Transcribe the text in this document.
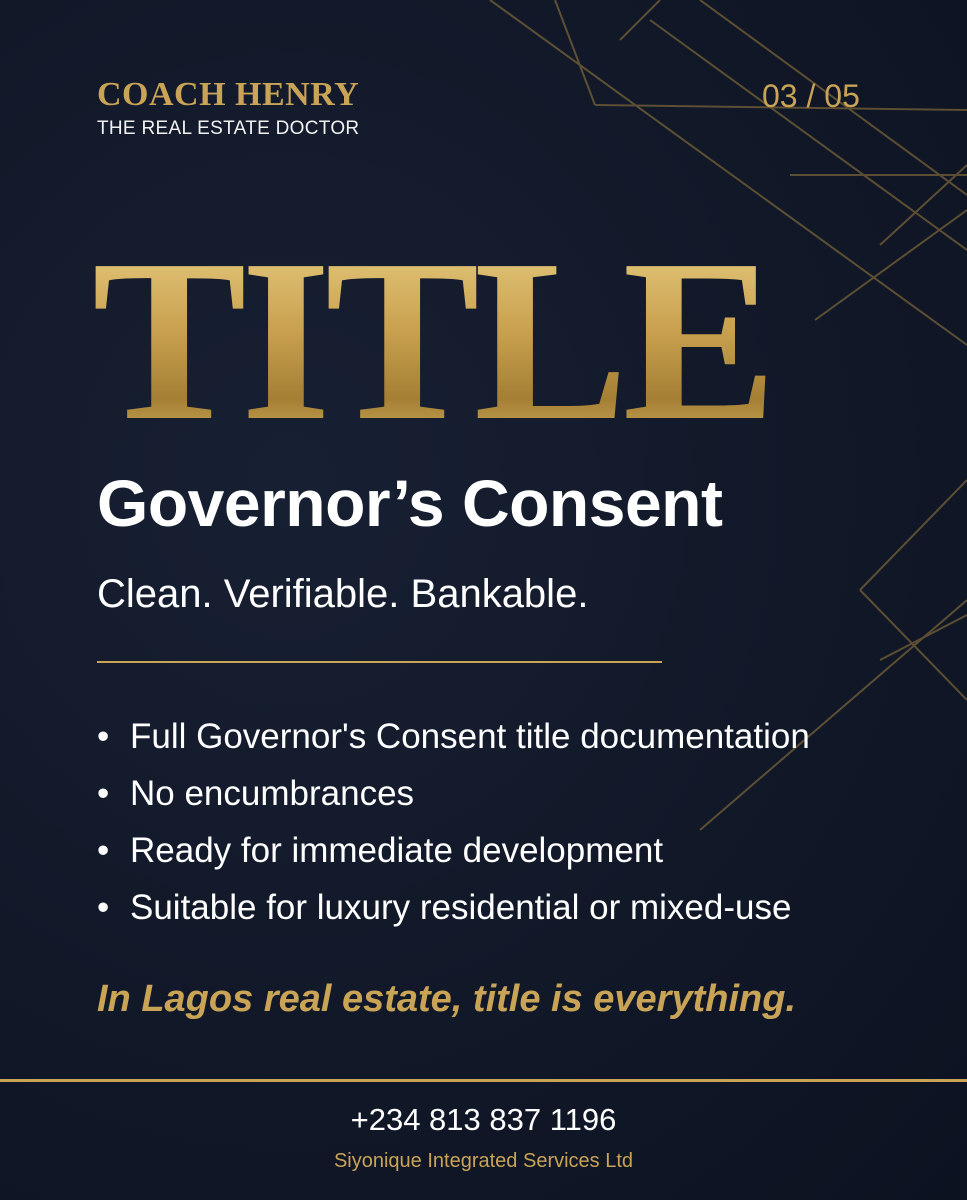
COACH HENRY
THE REAL ESTATE DOCTOR
03 / 05
TITLE
Governor’s Consent
Clean. Verifiable. Bankable.
• Full Governor's Consent title documentation
• No encumbrances
• Ready for immediate development
• Suitable for luxury residential or mixed-use
In Lagos real estate, title is everything.
+234 813 837 1196
Siyonique Integrated Services Ltd
